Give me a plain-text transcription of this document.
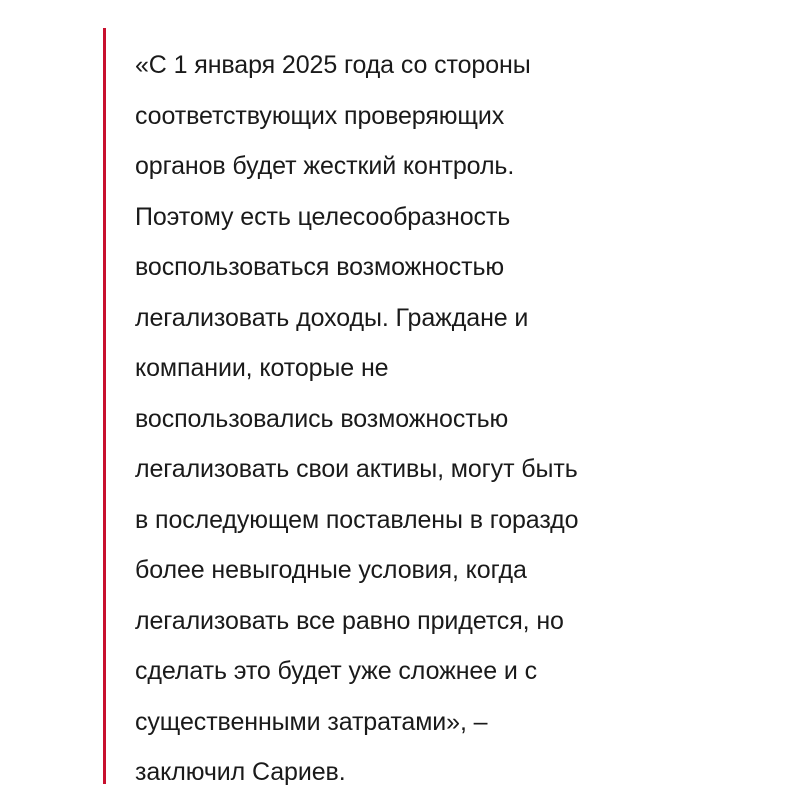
«С 1 января 2025 года со стороны
соответствующих проверяющих
органов будет жесткий контроль.
Поэтому есть целесообразность
воспользоваться возможностью
легализовать доходы. Граждане и
компании, которые не
воспользовались возможностью
легализовать свои активы, могут быть
в последующем поставлены в гораздо
более невыгодные условия, когда
легализовать все равно придется, но
сделать это будет уже сложнее и с
существенными затратами», –
заключил Сариев.
